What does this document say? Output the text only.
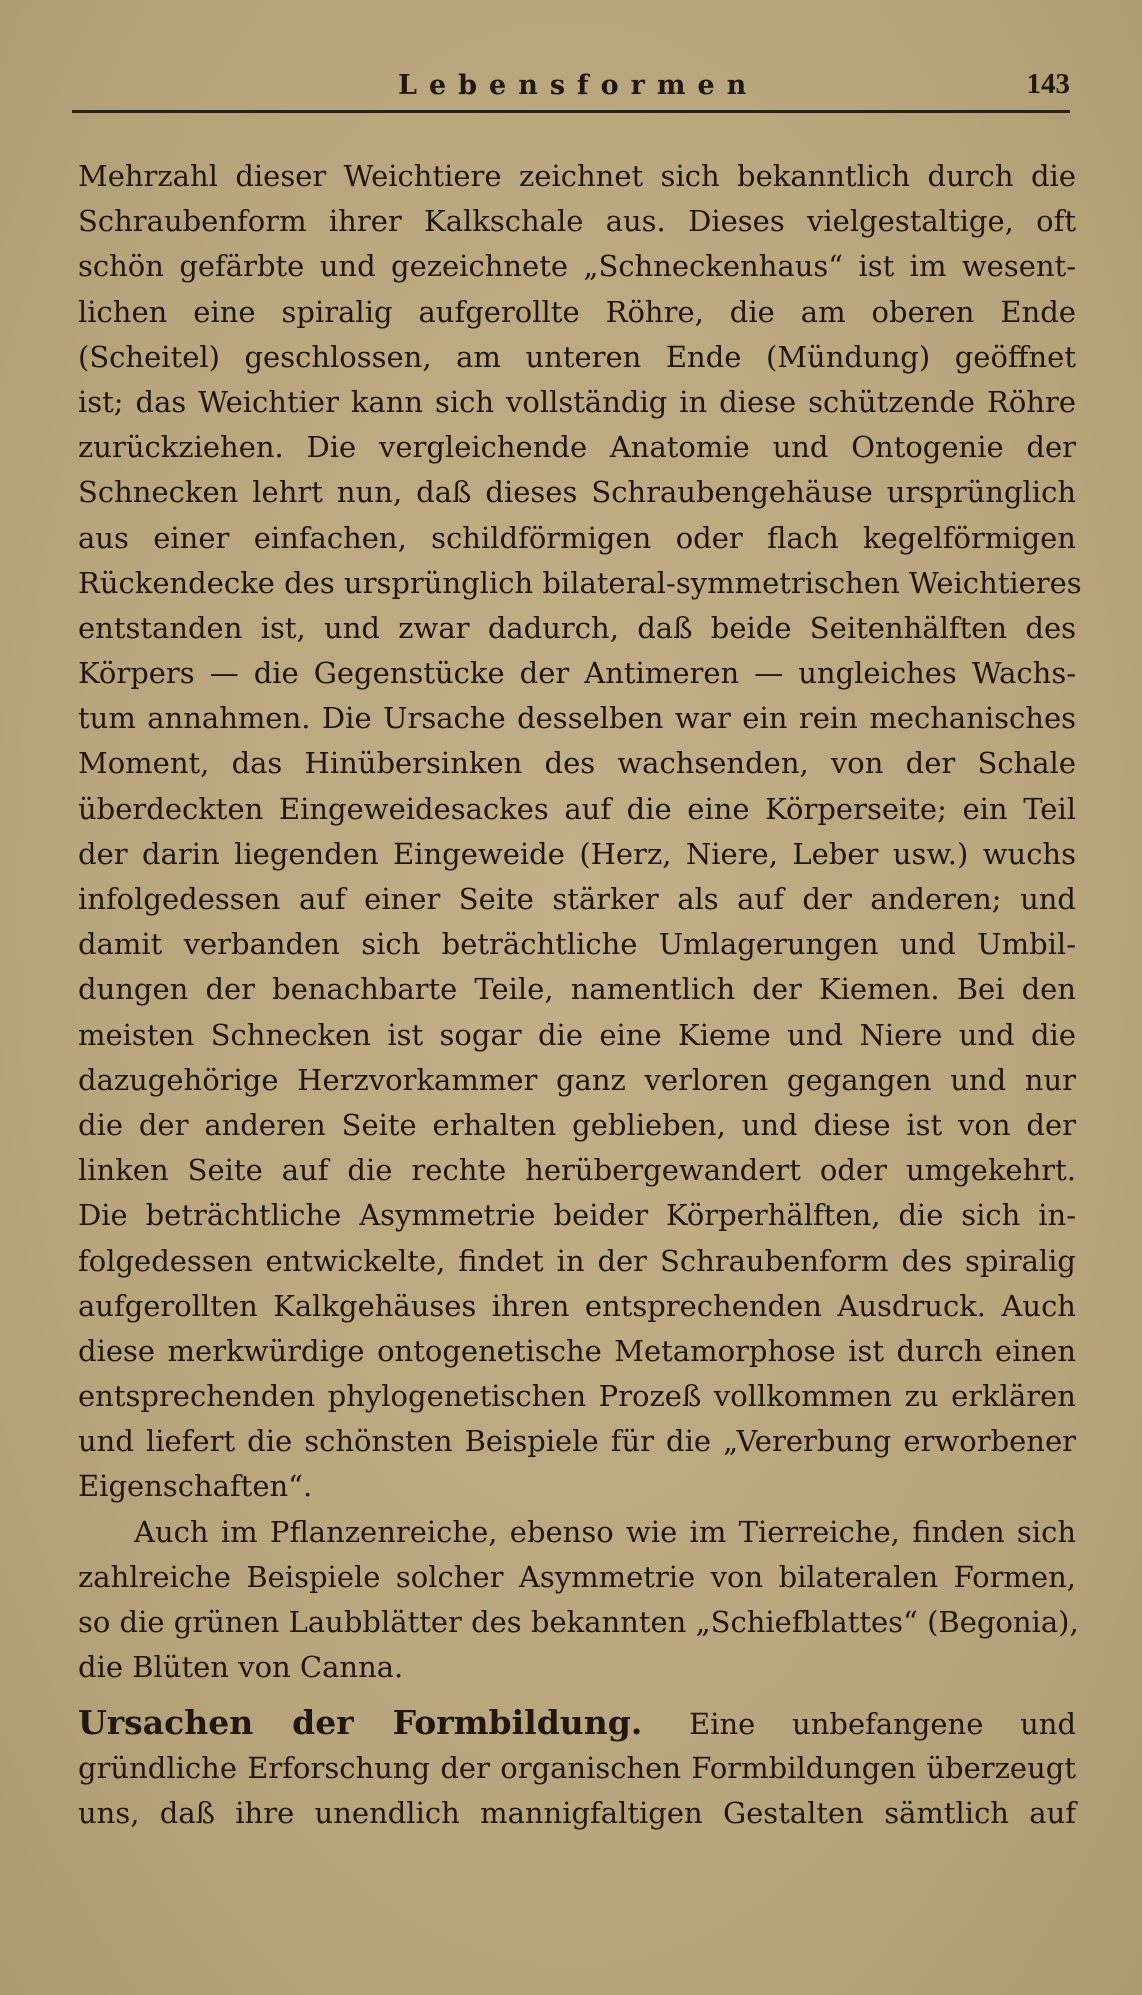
Lebensformen	143
Mehrzahl dieser Weichtiere zeichnet sich bekanntlich durch die
Schraubenform ihrer Kalkschale aus. Dieses vielgestaltige, oft
schön gefärbte und gezeichnete „Schneckenhaus“ ist im wesent-
lichen eine spiralig aufgerollte Röhre, die am oberen Ende
(Scheitel) geschlossen, am unteren Ende (Mündung) geöffnet
ist; das Weichtier kann sich vollständig in diese schützende Röhre
zurückziehen. Die vergleichende Anatomie und Ontogenie der
Schnecken lehrt nun, daß dieses Schraubengehäuse ursprünglich
aus einer einfachen, schildförmigen oder flach kegelförmigen
Rückendecke des ursprünglich bilateral-symmetrischen Weichtieres
entstanden ist, und zwar dadurch, daß beide Seitenhälften des
Körpers — die Gegenstücke der Antimeren — ungleiches Wachs-
tum annahmen. Die Ursache desselben war ein rein mechanisches
Moment, das Hinübersinken des wachsenden, von der Schale
überdeckten Eingeweidesackes auf die eine Körperseite; ein Teil
der darin liegenden Eingeweide (Herz, Niere, Leber usw.) wuchs
infolgedessen auf einer Seite stärker als auf der anderen; und
damit verbanden sich beträchtliche Umlagerungen und Umbil-
dungen der benachbarte Teile, namentlich der Kiemen. Bei den
meisten Schnecken ist sogar die eine Kieme und Niere und die
dazugehörige Herzvorkammer ganz verloren gegangen und nur
die der anderen Seite erhalten geblieben, und diese ist von der
linken Seite auf die rechte herübergewandert oder umgekehrt.
Die beträchtliche Asymmetrie beider Körperhälften, die sich in-
folgedessen entwickelte, findet in der Schraubenform des spiralig
aufgerollten Kalkgehäuses ihren entsprechenden Ausdruck. Auch
diese merkwürdige ontogenetische Metamorphose ist durch einen
entsprechenden phylogenetischen Prozeß vollkommen zu erklären
und liefert die schönsten Beispiele für die „Vererbung erworbener
Eigenschaften“.
Auch im Pflanzenreiche, ebenso wie im Tierreiche, finden sich
zahlreiche Beispiele solcher Asymmetrie von bilateralen Formen,
so die grünen Laubblätter des bekannten „Schiefblattes“ (Begonia),
die Blüten von Canna.
Ursachen der Formbildung. Eine unbefangene und
gründliche Erforschung der organischen Formbildungen überzeugt
uns, daß ihre unendlich mannigfaltigen Gestalten sämtlich auf
